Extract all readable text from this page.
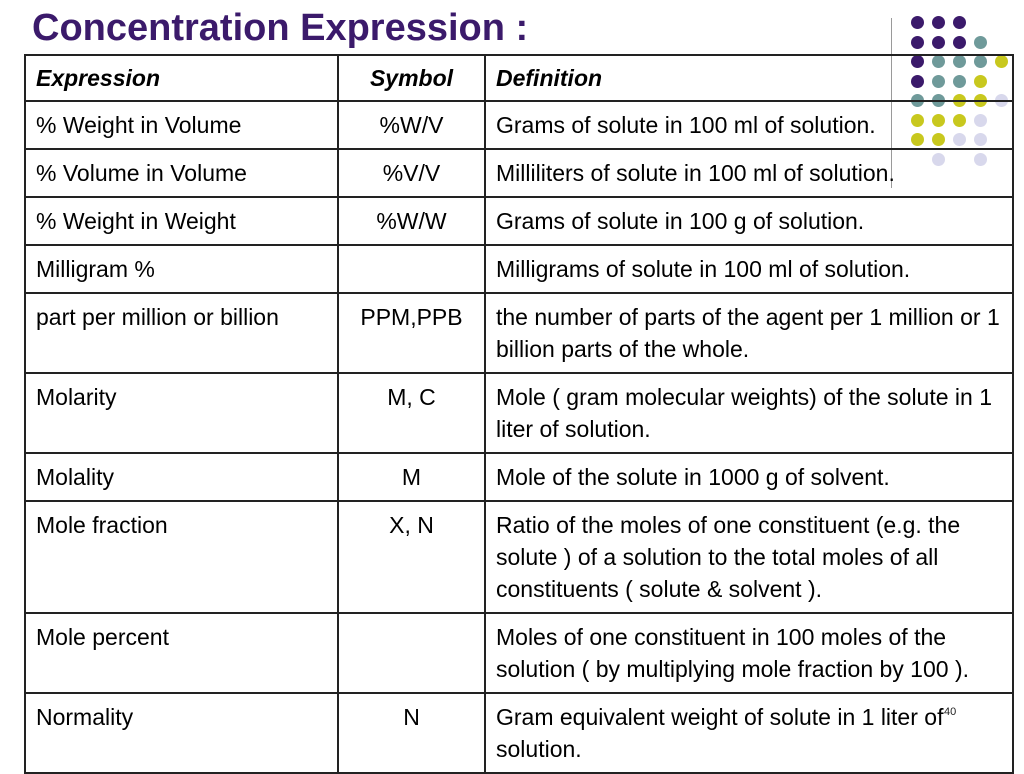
Concentration Expression :
Expression	Symbol	Definition
% Weight in Volume	%W/V	Grams of solute in 100 ml of solution.
% Volume in Volume	%V/V	Milliliters of solute in 100 ml of solution.
% Weight in Weight	%W/W	Grams of solute in 100 g of solution.
Milligram %		Milligrams of solute in 100 ml of solution.
part per million or billion	PPM,PPB	the number of parts of the agent per 1 million or 1 billion parts of the whole.
Molarity	M, C	Mole ( gram molecular weights) of the solute in 1 liter of solution.
Molality	M	Mole of the solute in 1000 g of solvent.
Mole fraction	X, N	Ratio of the moles of one constituent (e.g. the solute ) of a solution to the total moles of all constituents ( solute & solvent ).
Mole percent		Moles of one constituent in 100 moles of the solution ( by multiplying mole fraction by 100 ).
Normality	N	Gram equivalent weight of solute in 1 liter of solution.
40
